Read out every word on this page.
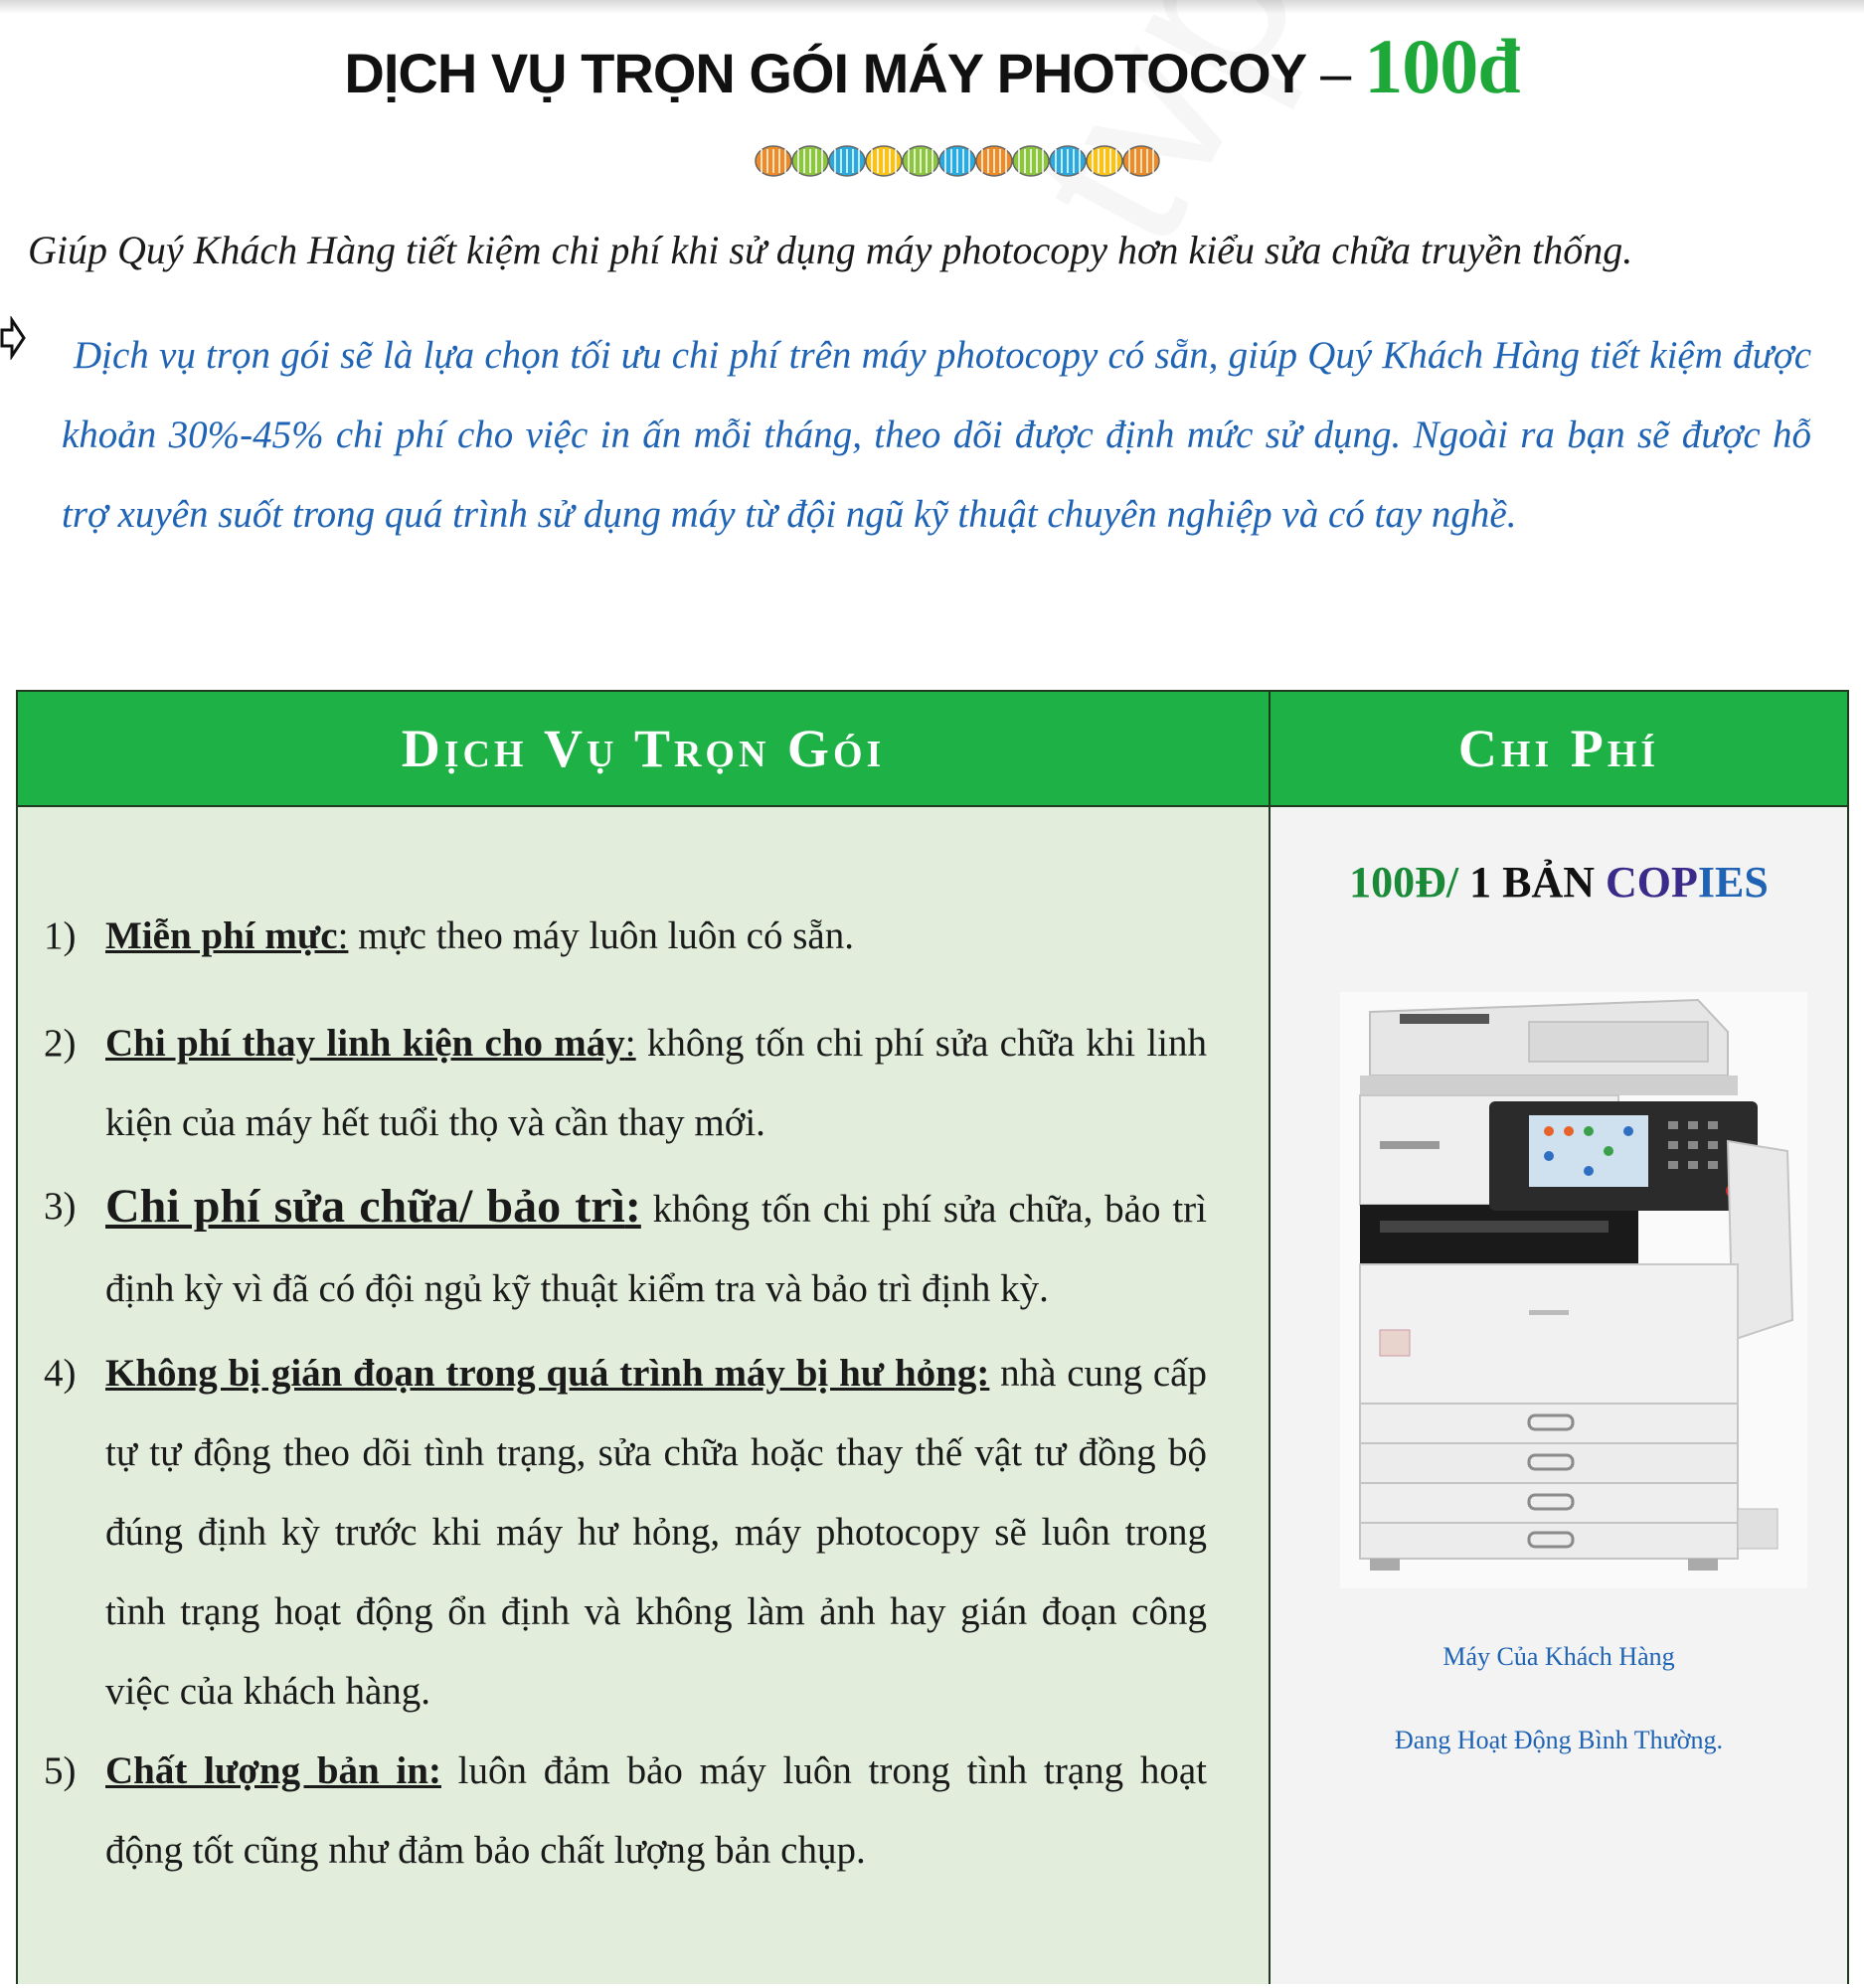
DỊCH VỤ TRỌN GÓI MÁY PHOTOCOY – 100đ
Giúp Quý Khách Hàng tiết kiệm chi phí khi sử dụng máy photocopy hơn kiểu sửa chữa truyền thống.
Dịch vụ trọn gói sẽ là lựa chọn tối ưu chi phí trên máy photocopy có sẵn, giúp Quý Khách Hàng tiết kiệm được khoản 30%-45% chi phí cho việc in ấn mỗi tháng, theo dõi được định mức sử dụng. Ngoài ra bạn sẽ được hỗ trợ xuyên suốt trong quá trình sử dụng máy từ đội ngũ kỹ thuật chuyên nghiệp và có tay nghề.
Dịch Vụ Trọn Gói	Chi Phí
1) Miễn phí mực: mực theo máy luôn luôn có sẵn.
2) Chi phí thay linh kiện cho máy: không tốn chi phí sửa chữa khi linh kiện của máy hết tuổi thọ và cần thay mới.
3) Chi phí sửa chữa/ bảo trì: không tốn chi phí sửa chữa, bảo trì định kỳ vì đã có đội ngủ kỹ thuật kiểm tra và bảo trì định kỳ.
4) Không bị gián đoạn trong quá trình máy bị hư hỏng: nhà cung cấp tự tự động theo dõi tình trạng, sửa chữa hoặc thay thế vật tư đồng bộ đúng định kỳ trước khi máy hư hỏng, máy photocopy sẽ luôn trong tình trạng hoạt động ổn định và không làm ảnh hay gián đoạn công việc của khách hàng.
5) Chất lượng bản in: luôn đảm bảo máy luôn trong tình trạng hoạt động tốt cũng như đảm bảo chất lượng bản chụp.
100Đ/ 1 BẢN COPIES
Máy Của Khách Hàng
Đang Hoạt Động Bình Thường.
